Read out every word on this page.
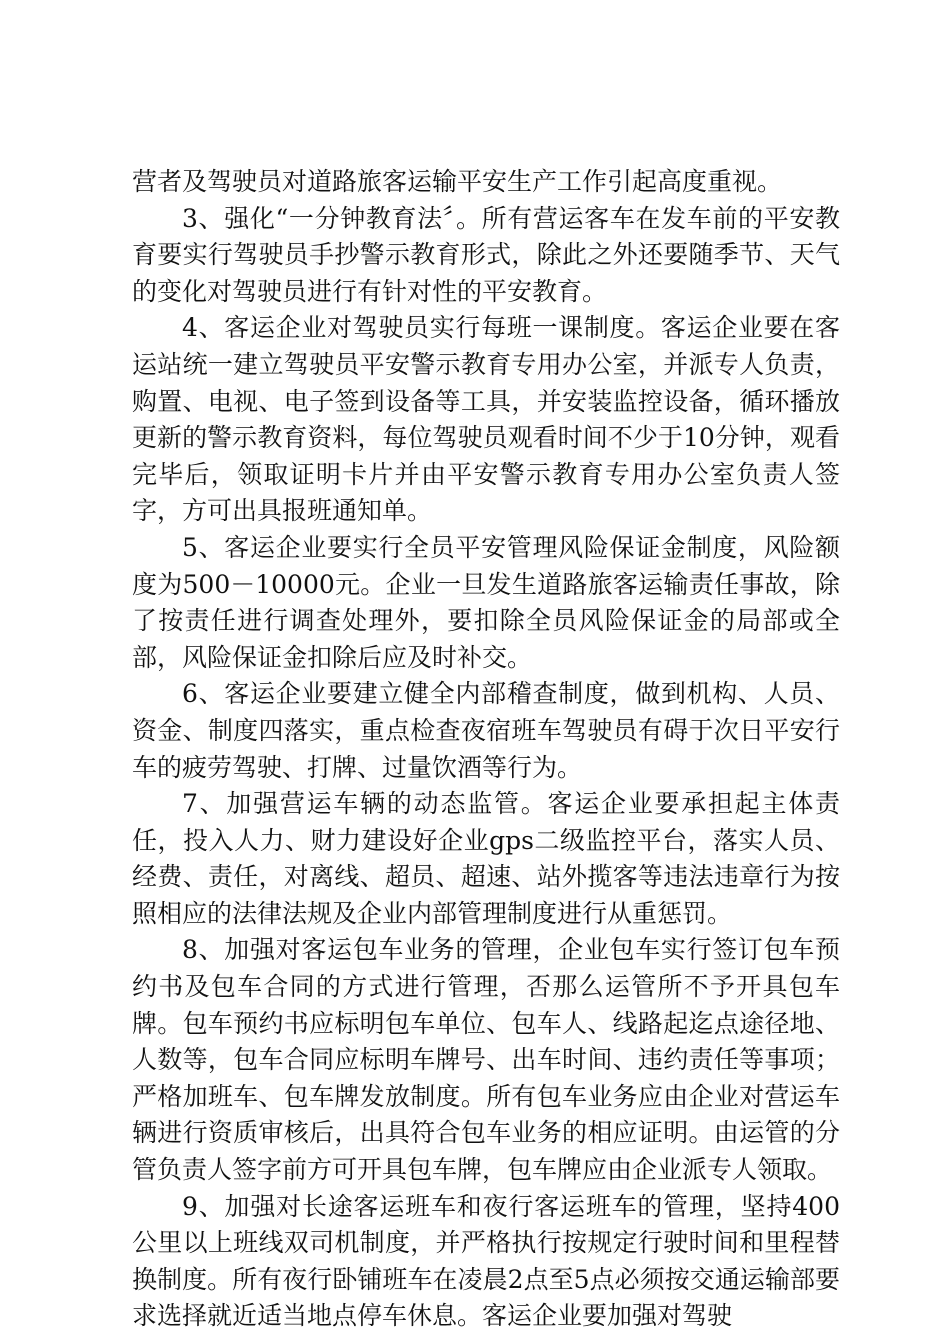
营者及驾驶员对道路旅客运输平安生产工作引起高度重视。

3、强化“一分钟教育法〞。所有营运客车在发车前的平安教育要实行驾驶员手抄警示教育形式，除此之外还要随季节、天气的变化对驾驶员进行有针对性的平安教育。

4、客运企业对驾驶员实行每班一课制度。客运企业要在客运站统一建立驾驶员平安警示教育专用办公室，并派专人负责，购置、电视、电子签到设备等工具，并安装监控设备，循环播放更新的警示教育资料，每位驾驶员观看时间不少于10分钟，观看完毕后，领取证明卡片并由平安警示教育专用办公室负责人签字，方可出具报班通知单。

5、客运企业要实行全员平安管理风险保证金制度，风险额度为500－10000元。企业一旦发生道路旅客运输责任事故，除了按责任进行调查处理外，要扣除全员风险保证金的局部或全部，风险保证金扣除后应及时补交。

6、客运企业要建立健全内部稽查制度，做到机构、人员、资金、制度四落实，重点检查夜宿班车驾驶员有碍于次日平安行车的疲劳驾驶、打牌、过量饮酒等行为。

7、加强营运车辆的动态监管。客运企业要承担起主体责任，投入人力、财力建设好企业gps二级监控平台，落实人员、经费、责任，对离线、超员、超速、站外揽客等违法违章行为按照相应的法律法规及企业内部管理制度进行从重惩罚。

8、加强对客运包车业务的管理，企业包车实行签订包车预约书及包车合同的方式进行管理，否那么运管所不予开具包车牌。包车预约书应标明包车单位、包车人、线路起迄点途径地、人数等，包车合同应标明车牌号、出车时间、违约责任等事项；严格加班车、包车牌发放制度。所有包车业务应由企业对营运车辆进行资质审核后，出具符合包车业务的相应证明。由运管的分管负责人签字前方可开具包车牌，包车牌应由企业派专人领取。

9、加强对长途客运班车和夜行客运班车的管理，坚持400公里以上班线双司机制度，并严格执行按规定行驶时间和里程替换制度。所有夜行卧铺班车在凌晨2点至5点必须按交通运输部要求选择就近适当地点停车休息。客运企业要加强对驾驶
